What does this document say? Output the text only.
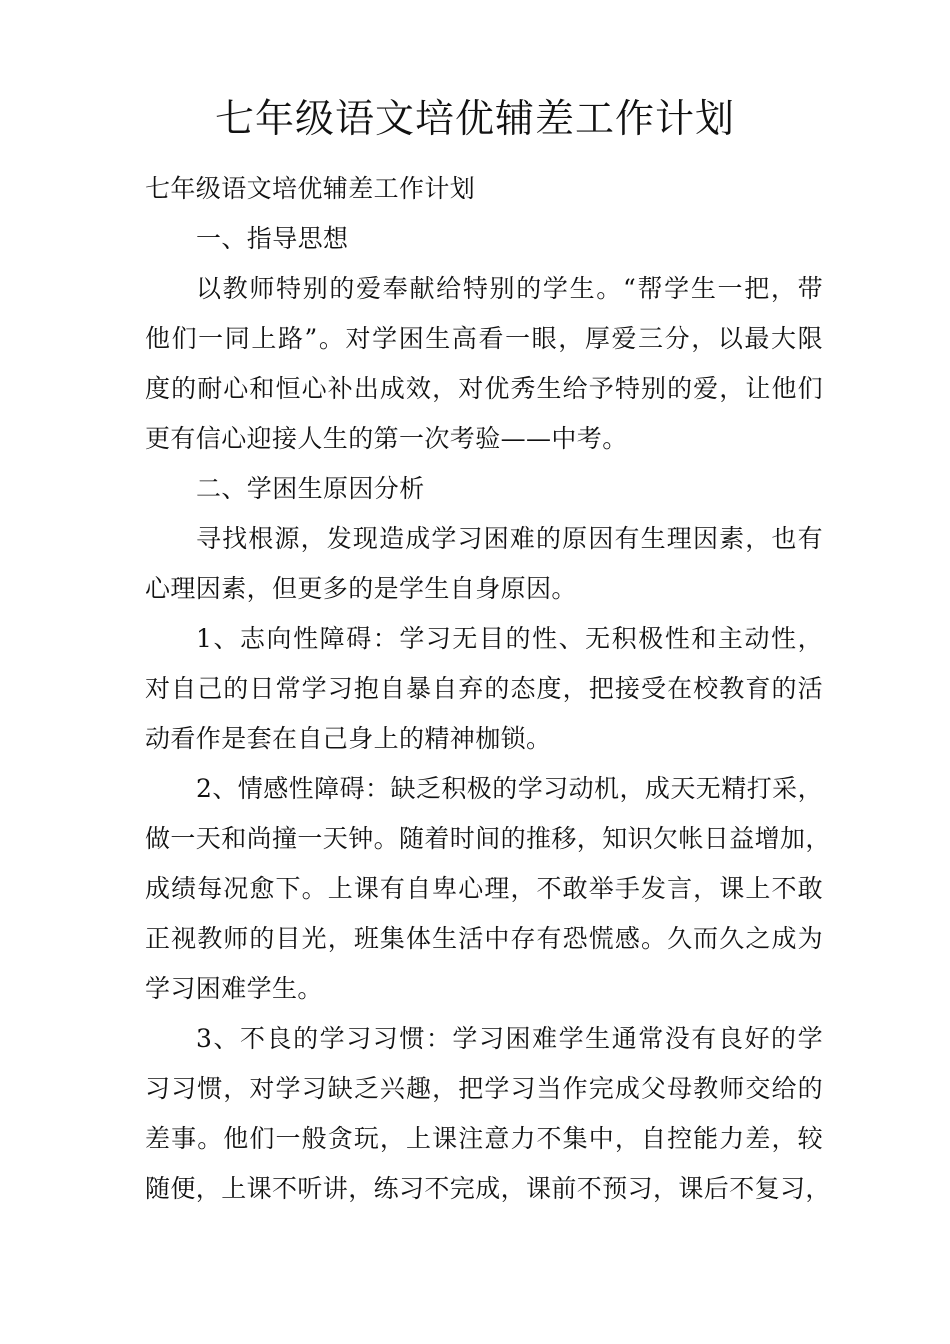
七年级语文培优辅差工作计划
七年级语文培优辅差工作计划
一、指导思想
以教师特别的爱奉献给特别的学生。“帮学生一把，带
他们一同上路”。对学困生高看一眼，厚爱三分，以最大限
度的耐心和恒心补出成效，对优秀生给予特别的爱，让他们
更有信心迎接人生的第一次考验——中考。
二、学困生原因分析
寻找根源，发现造成学习困难的原因有生理因素，也有
心理因素，但更多的是学生自身原因。
1、志向性障碍：学习无目的性、无积极性和主动性，
对自己的日常学习抱自暴自弃的态度，把接受在校教育的活
动看作是套在自己身上的精神枷锁。
2、情感性障碍：缺乏积极的学习动机，成天无精打采，
做一天和尚撞一天钟。随着时间的推移，知识欠帐日益增加，
成绩每况愈下。上课有自卑心理，不敢举手发言，课上不敢
正视教师的目光，班集体生活中存有恐慌感。久而久之成为
学习困难学生。
3、不良的学习习惯：学习困难学生通常没有良好的学
习习惯，对学习缺乏兴趣，把学习当作完成父母教师交给的
差事。他们一般贪玩，上课注意力不集中，自控能力差，较
随便，上课不听讲，练习不完成，课前不预习，课后不复习，
